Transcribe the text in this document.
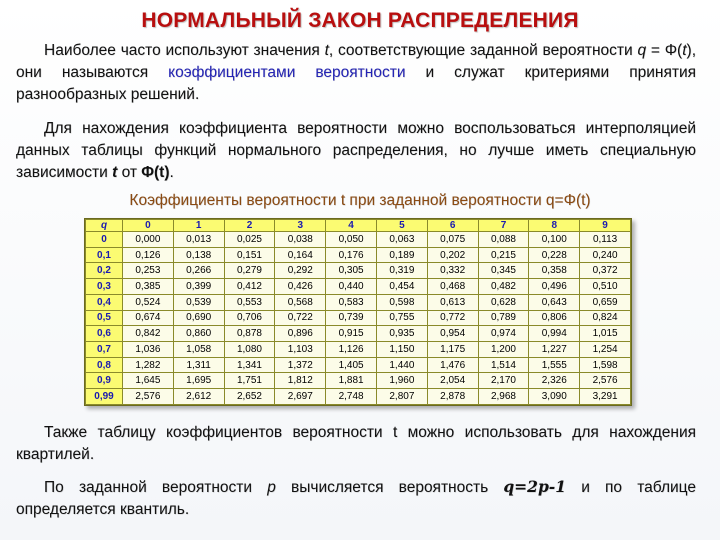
НОРМАЛЬНЫЙ ЗАКОН РАСПРЕДЕЛЕНИЯ
Наиболее часто используют значения t, соответствующие заданной вероятности q = Φ(t), они называются коэффициентами вероятности и служат критериями принятия разнообразных решений.
Для нахождения коэффициента вероятности можно воспользоваться интерполяцией данных таблицы функций нормального распределения, но лучше иметь специальную зависимости t от Φ(t).
Коэффициенты вероятности t при заданной вероятности q=Φ(t)
q	0	1	2	3	4	5	6	7	8	9
0	0,000	0,013	0,025	0,038	0,050	0,063	0,075	0,088	0,100	0,113
0,1	0,126	0,138	0,151	0,164	0,176	0,189	0,202	0,215	0,228	0,240
0,2	0,253	0,266	0,279	0,292	0,305	0,319	0,332	0,345	0,358	0,372
0,3	0,385	0,399	0,412	0,426	0,440	0,454	0,468	0,482	0,496	0,510
0,4	0,524	0,539	0,553	0,568	0,583	0,598	0,613	0,628	0,643	0,659
0,5	0,674	0,690	0,706	0,722	0,739	0,755	0,772	0,789	0,806	0,824
0,6	0,842	0,860	0,878	0,896	0,915	0,935	0,954	0,974	0,994	1,015
0,7	1,036	1,058	1,080	1,103	1,126	1,150	1,175	1,200	1,227	1,254
0,8	1,282	1,311	1,341	1,372	1,405	1,440	1,476	1,514	1,555	1,598
0,9	1,645	1,695	1,751	1,812	1,881	1,960	2,054	2,170	2,326	2,576
0,99	2,576	2,612	2,652	2,697	2,748	2,807	2,878	2,968	3,090	3,291
Также таблицу коэффициентов вероятности t можно использовать для нахождения квартилей.
По заданной вероятности p вычисляется вероятность q=2p-1 и по таблице определяется квантиль.
